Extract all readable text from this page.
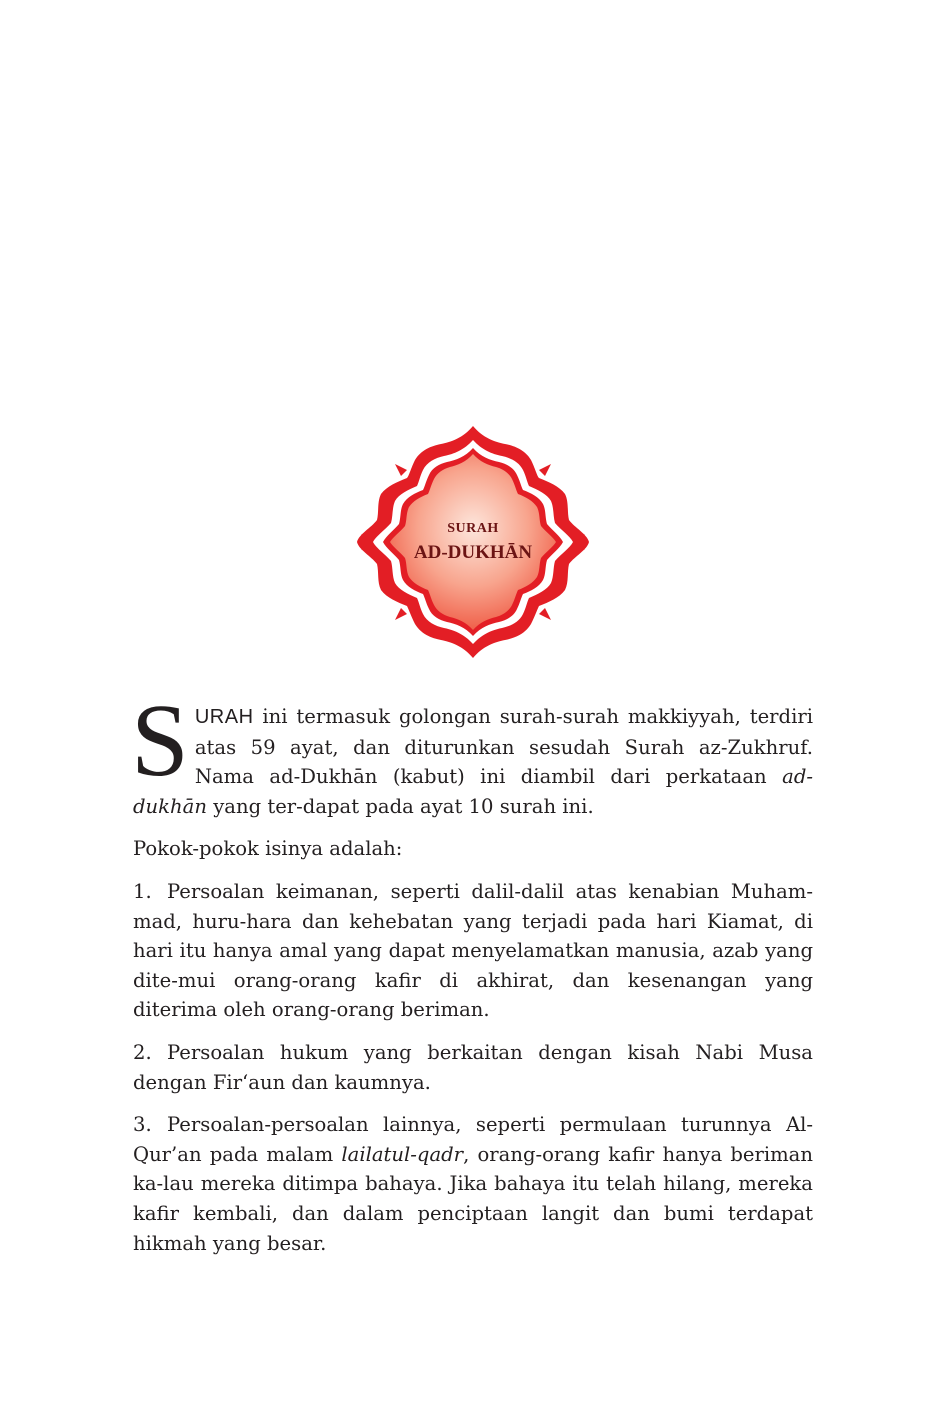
SURAH
AD-DUKHĀN

SURAH ini termasuk golongan surah-surah makkiyyah, terdiri atas 59 ayat, dan diturunkan sesudah Surah az-Zukhruf. Nama ad-Dukhān (kabut) ini diambil dari perkataan ad-dukhān yang ter-dapat pada ayat 10 surah ini.

Pokok-pokok isinya adalah:

1. Persoalan keimanan, seperti dalil-dalil atas kenabian Muham-mad, huru-hara dan kehebatan yang terjadi pada hari Kiamat, di hari itu hanya amal yang dapat menyelamatkan manusia, azab yang dite-mui orang-orang kafir di akhirat, dan kesenangan yang diterima oleh orang-orang beriman.

2. Persoalan hukum yang berkaitan dengan kisah Nabi Musa dengan Fir‘aun dan kaumnya.

3. Persoalan-persoalan lainnya, seperti permulaan turunnya Al-Qur’an pada malam lailatul-qadr, orang-orang kafir hanya beriman ka-lau mereka ditimpa bahaya. Jika bahaya itu telah hilang, mereka kafir kembali, dan dalam penciptaan langit dan bumi terdapat hikmah yang besar.
